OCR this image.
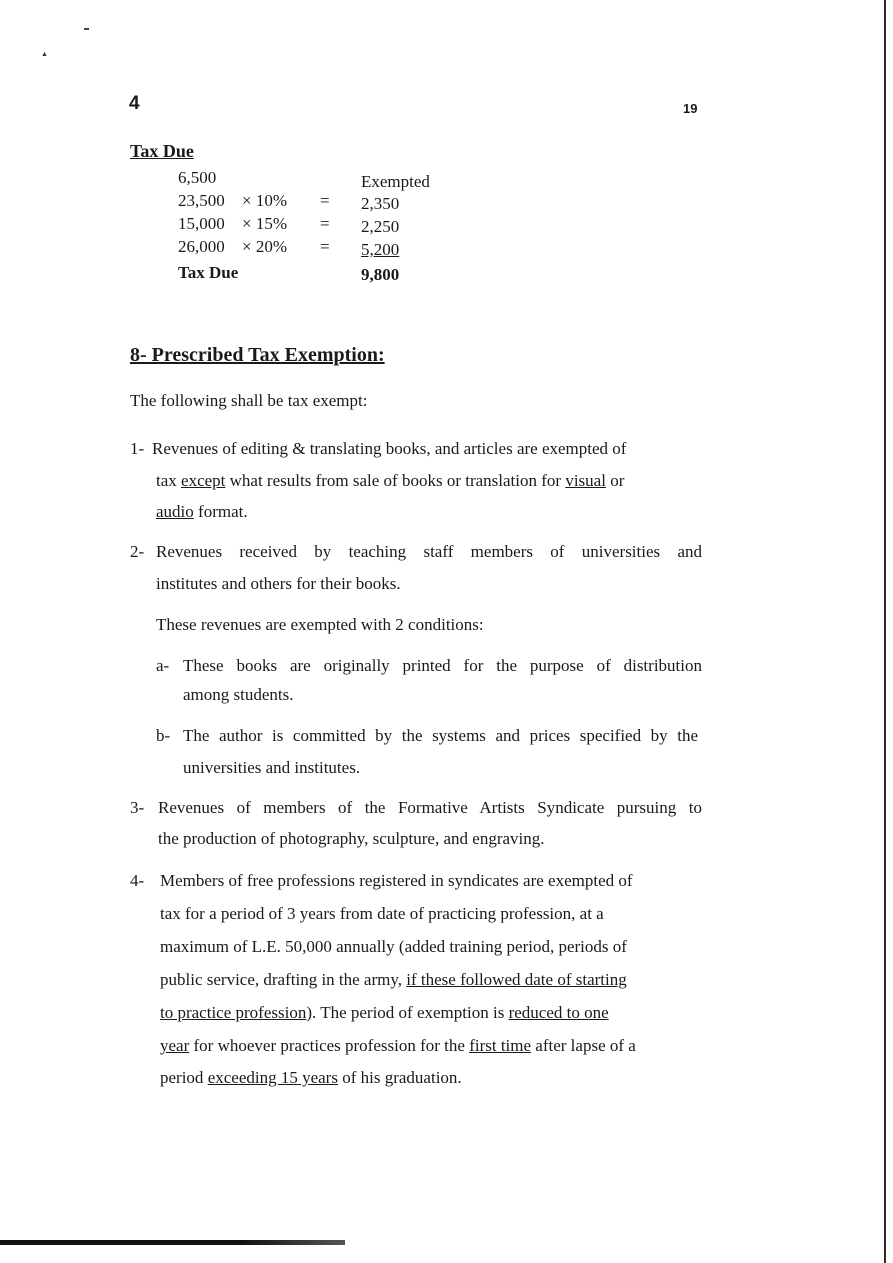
▲
4	19
Tax Due
6,500	Exempted
23,500 × 10% = 2,350
15,000 × 15% = 2,250
26,000 × 20% = 5,200
Tax Due	9,800
8- Prescribed Tax Exemption:
The following shall be tax exempt:
1- Revenues of editing & translating books, and articles are exempted of
tax except what results from sale of books or translation for visual or
audio format.
2- Revenues received by teaching staff members of universities and
institutes and others for their books.
These revenues are exempted with 2 conditions:
a- These books are originally printed for the purpose of distribution
among students.
b- The author is committed by the systems and prices specified by the
universities and institutes.
3- Revenues of members of the Formative Artists Syndicate pursuing to
the production of photography, sculpture, and engraving.
4- Members of free professions registered in syndicates are exempted of
tax for a period of 3 years from date of practicing profession, at a
maximum of L.E. 50,000 annually (added training period, periods of
public service, drafting in the army, if these followed date of starting
to practice profession). The period of exemption is reduced to one
year for whoever practices profession for the first time after lapse of a
period exceeding 15 years of his graduation.
